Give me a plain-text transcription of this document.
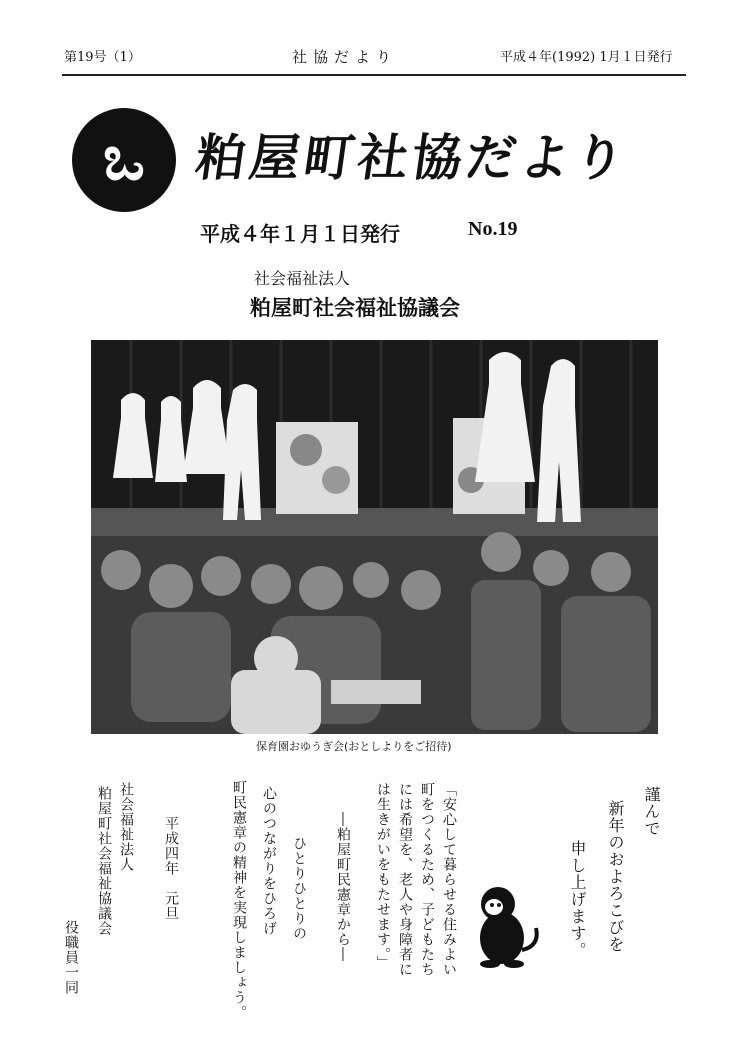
第19号（1）	社協だより	平成４年(1992) 1月１日発行
ಒ 粕屋町社協だより
平成４年１月１日発行	No.19
社会福祉法人
粕屋町社会福祉協議会
保育園おゆうぎ会(おとしよりをご招待)
謹んで
新年のおよろこびを
申し上げます。
「安心して暮らせる住みよい町をつくるため、子どもたちには希望を、老人や身障者には生きがいをもたせます。」
―粕屋町民憲章から―
ひとりひとりの
心のつながりをひろげ
町民憲章の精神を実現しましょう。
平成四年　元旦
社会福祉法人
粕屋町社会福祉協議会
役職員一同
